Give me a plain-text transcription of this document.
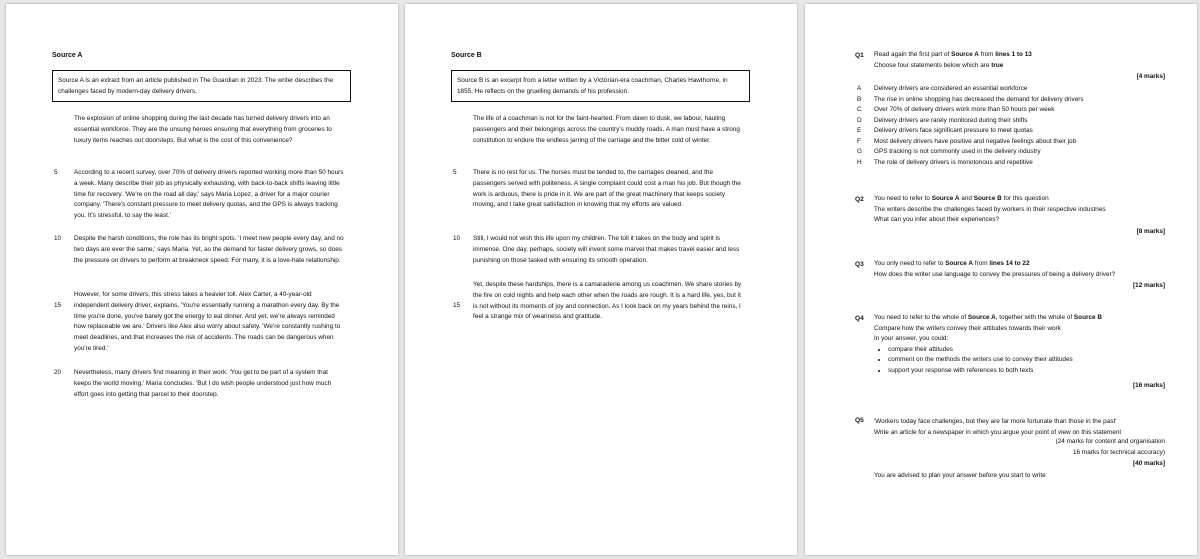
Source A
Source A is an extract from an article published in The Guardian in 2023. The writer describes the challenges faced by modern-day delivery drivers.

The explosion of online shopping during the last decade has turned delivery drivers into an essential workforce. They are the unsung heroes ensuring that everything from groceries to luxury items reaches our doorsteps. But what is the cost of this convenience?

5	According to a recent survey, over 70% of delivery drivers reported working more than 50 hours a week. Many describe their job as physically exhausting, with back-to-back shifts leaving little time for recovery. 'We're on the road all day,' says Maria Lopez, a driver for a major courier company. 'There's constant pressure to meet delivery quotas, and the GPS is always tracking you. It's stressful, to say the least.'

10 Despite the harsh conditions, the role has its bright spots. 'I meet new people every day, and no two days are ever the same,' says Maria. Yet, as the demand for faster delivery grows, so does the pressure on drivers to perform at breakneck speed. For many, it is a love-hate relationship.

15

However, for some drivers, this stress takes a heavier toll. Alex Carter, a 40-year-old independent delivery driver, explains, 'You're essentially running a marathon every day. By the time you're done, you've barely got the energy to eat dinner. And yet, we're always reminded how replaceable we are.' Drivers like Alex also worry about safety. 'We're constantly rushing to meet deadlines, and that increases the risk of accidents. The roads can be dangerous when you're tired.'

20 Nevertheless, many drivers find meaning in their work. 'You get to be part of a system that keeps the world moving,' Maria concludes. 'But I do wish people understood just how much effort goes into getting that parcel to their doorstep.

Source B
Source B is an excerpt from a letter written by a Victorian-era coachman, Charles Hawthorne, in 1855. He reflects on the gruelling demands of his profession.

The life of a coachman is not for the faint-hearted. From dawn to dusk, we labour, hauling passengers and their belongings across the country's muddy roads. A man must have a strong constitution to endure the endless jarring of the carriage and the bitter cold of winter.

5	There is no rest for us. The horses must be tended to, the carriages cleaned, and the passengers served with politeness. A single complaint could cost a man his job. But though the work is arduous, there is pride in it. We are part of the great machinery that keeps society moving, and I take great satisfaction in knowing that my efforts are valued.

10 Still, I would not wish this life upon my children. The toll it takes on the body and spirit is immense. One day, perhaps, society will invent some marvel that makes travel easier and less punishing on those tasked with ensuring its smooth operation.

15

Yet, despite these hardships, there is a camaraderie among us coachmen. We share stories by the fire on cold nights and help each other when the roads are rough. It is a hard life, yes, but it is not without its moments of joy and connection. As I look back on my years behind the reins, I feel a strange mix of weariness and gratitude.

Q1 Read again the first part of Source A from lines 1 to 13

Choose four statements below which are true

[4 marks]
A Delivery drivers are considered an essential workforce
B The rise in online shopping has decreased the demand for delivery drivers
C Over 70% of delivery drivers work more than 50 hours per week
D Delivery drivers are rarely monitored during their shifts
E Delivery drivers face significant pressure to meet quotas
F Most delivery drivers have positive and negative feelings about their job
G GPS tracking is not commonly used in the delivery industry
H The role of delivery drivers is monotonous and repetitive
Q2 You need to refer to Source A and Source B for this question

The writers describe the challenges faced by workers in their respective industries

What can you infer about their experiences?

[8 marks]
Q3 You only need to refer to Source A from lines 14 to 22

How does the writer use language to convey the pressures of being a delivery driver?

[12 marks]
Q4 You need to refer to the whole of Source A, together with the whole of Source B

Compare how the writers convey their attitudes towards their work

In your answer, you could:

• compare their attitudes
• comment on the methods the writers use to convey their attitudes
• support your response with references to both texts
[16 marks]
Q5 'Workers today face challenges, but they are far more fortunate than those in the past'

Write an article for a newspaper in which you argue your point of view on this statement

(24 marks for content and organisation
16 marks for technical accuracy)
[40 marks]
You are advised to plan your answer before you start to write
